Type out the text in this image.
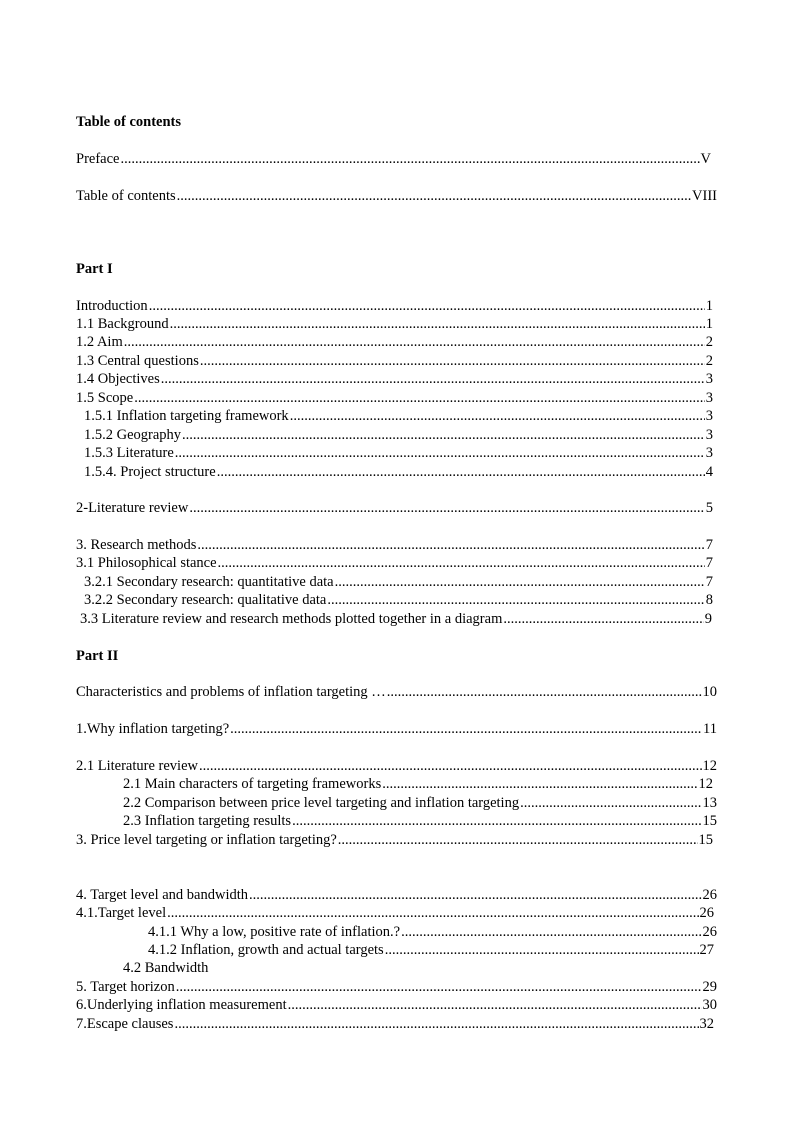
Table of contents
Preface .....	V
Table of contents .....	VIII
Part I
Introduction .....	1
1.1 Background .....	1
1.2 Aim .....	2
1.3 Central questions .....	2
1.4 Objectives .....	3
1.5 Scope .....	3
1.5.1 Inflation targeting framework .....	3
1.5.2 Geography .....	3
1.5.3 Literature .....	3
1.5.4. Project structure .....	4
2-Literature review .....	5
3. Research methods .....	7
3.1 Philosophical stance .....	7
3.2.1 Secondary research: quantitative data .....	7
3.2.2 Secondary research: qualitative data .....	8
3.3 Literature review and research methods plotted together in a diagram .....	9
Part II
Characteristics and problems of inflation targeting … .....	10
1.Why inflation targeting? .....	11
2.1 Literature review .....	12
2.1 Main characters of targeting frameworks .....	12
2.2 Comparison between price level targeting and inflation targeting .....	13
2.3 Inflation targeting results .....	15
3. Price level targeting or inflation targeting? .....	15
4. Target level and bandwidth .....	26
4.1.Target level .....	26
4.1.1 Why a low, positive rate of inflation.? .....	26
4.1.2 Inflation, growth and actual targets .....	27
4.2 Bandwidth
5. Target horizon .....	29
6.Underlying inflation measurement .....	30
7.Escape clauses .....	32
